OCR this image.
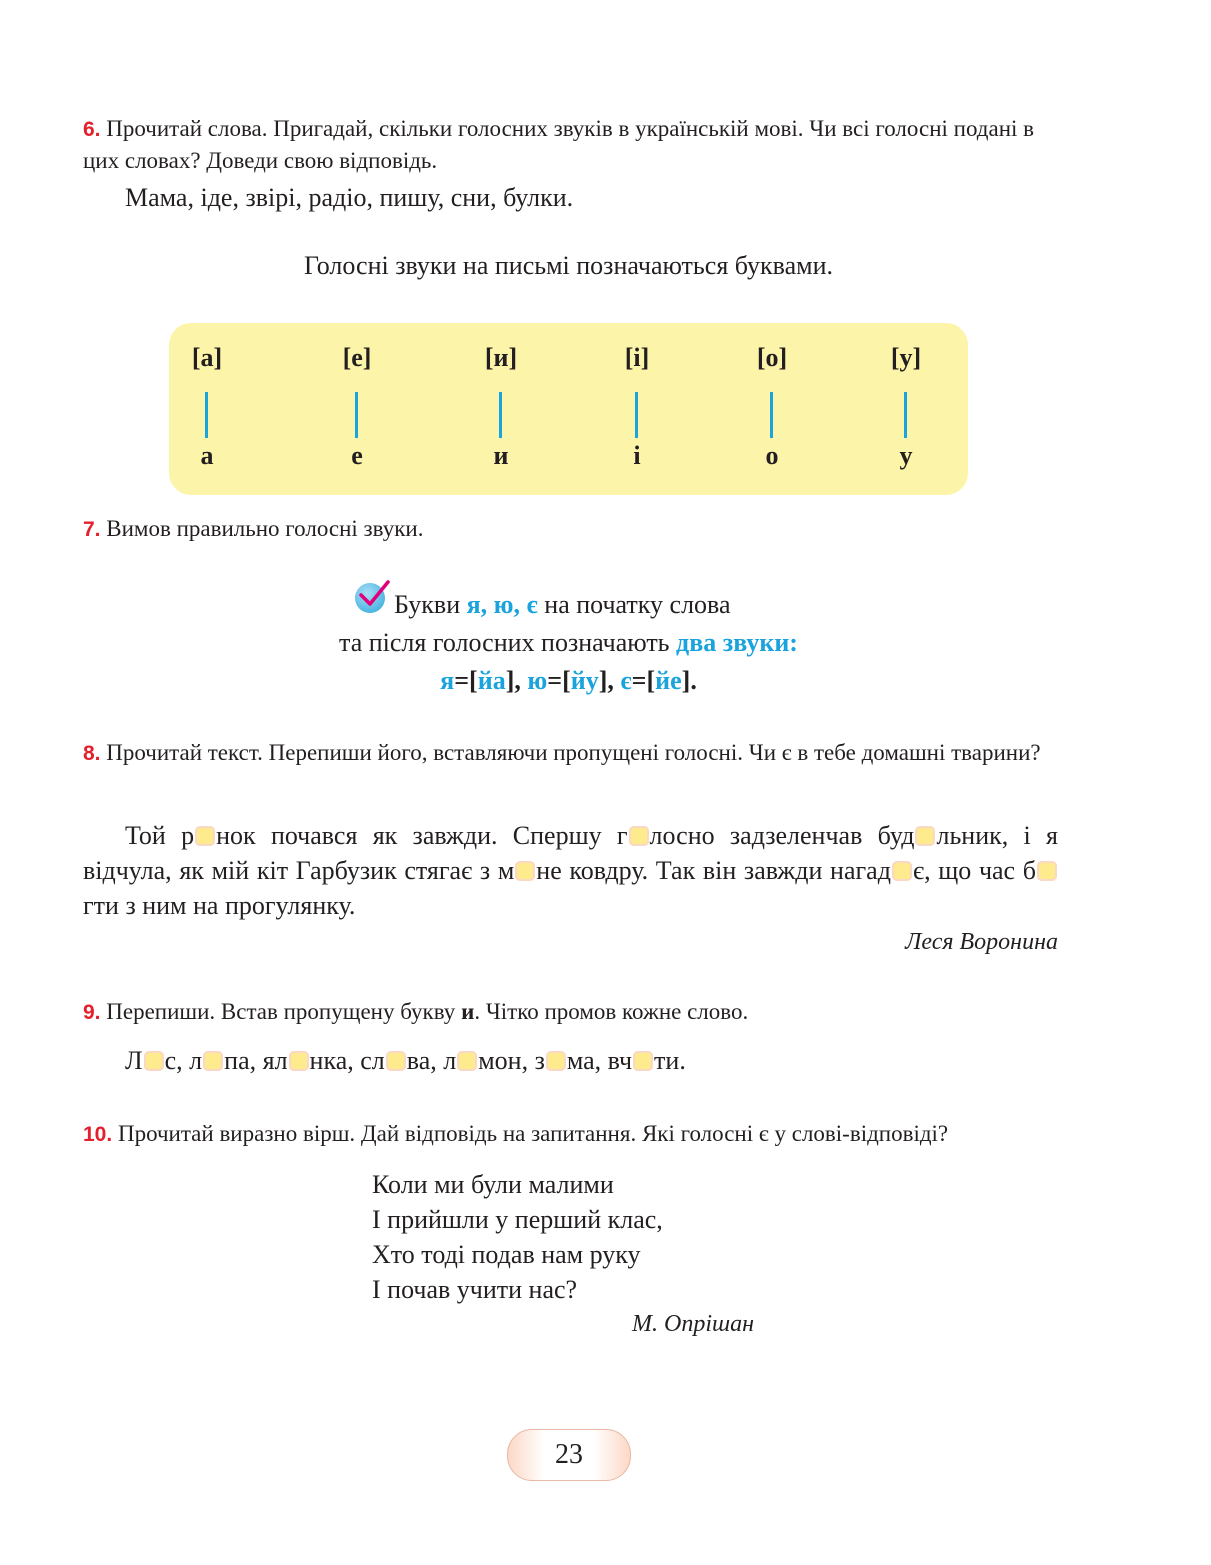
6. Прочитай слова. Пригадай, скільки голосних звуків в українській мові. Чи всі голосні подані в цих словах? Доведи свою відповідь.
Мама, іде, звірі, радіо, пишу, сни, булки.
Голосні звуки на письмі позначаються буквами.
[а]
а
[е]
е
[и]
и
[і]
і
[о]
о
[у]
у
7. Вимов правильно голосні звуки.
Букви я, ю, є на початку слова
та після голосних позначають два звуки:
я=[йа], ю=[йу], є=[йе].
8. Прочитай текст. Перепиши його, вставляючи пропущені голосні. Чи є в тебе домашні тварини?
Той р нок почався як завжди. Спершу г лосно задзеленчав буд льник, і я відчула, як мій кіт Гарбузик стягає з м не ковдру. Так він завжди нагад є, що час бгти з ним на прогулянку.
Леся Воронина
9. Перепиши. Встав пропущену букву и. Чітко промов кожне слово.
Л с, л па, ял нка, сл ва, л мон, з ма, вч ти.
10. Прочитай виразно вірш. Дай відповідь на запитання. Які голосні є у слові-відповіді?
Коли ми були малими
І прийшли у перший клас,
Хто тоді подав нам руку
І почав учити нас?
М. Опрішан
23
